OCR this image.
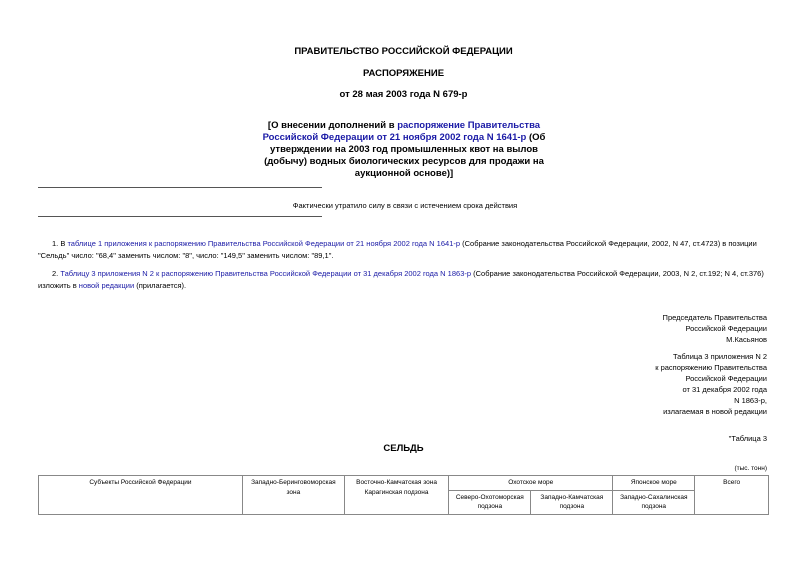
ПРАВИТЕЛЬСТВО РОССИЙСКОЙ ФЕДЕРАЦИИ
РАСПОРЯЖЕНИЕ
от 28 мая 2003 года N 679-р
[О внесении дополнений в распоряжение Правительства Российской Федерации от 21 ноября 2002 года N 1641-р (Об утверждении на 2003 год промышленных квот на вылов (добычу) водных биологических ресурсов для продажи на аукционной основе)]
Фактически утратило силу в связи с истечением срока действия
1. В таблице 1 приложения к распоряжению Правительства Российской Федерации от 21 ноября 2002 года N 1641-р (Собрание законодательства Российской Федерации, 2002, N 47, ст.4723) в позиции "Сельдь" число: "68,4" заменить числом: "8", число: "149,5" заменить числом: "89,1".
2. Таблицу 3 приложения N 2 к распоряжению Правительства Российской Федерации от 31 декабря 2002 года N 1863-р (Собрание законодательства Российской Федерации, 2003, N 2, ст.192; N 4, ст.376) изложить в новой редакции (прилагается).
Председатель Правительства
Российской Федерации
М.Касьянов
Таблица 3 приложения N 2
к распоряжению Правительства
Российской Федерации
от 31 декабря 2002 года
N 1863-р,
излагаемая в новой редакции
"Таблица 3
СЕЛЬДЬ
(тыс. тонн)
Субъекты Российской Федерации	Западно-Беринговоморская зона	Восточно-Камчатская зона Карагинская подзона	Охотское море		Японское море	Всего
			Северо-Охотоморская подзона	Западно-Камчатская подзона	Западно-Сахалинская подзона	
